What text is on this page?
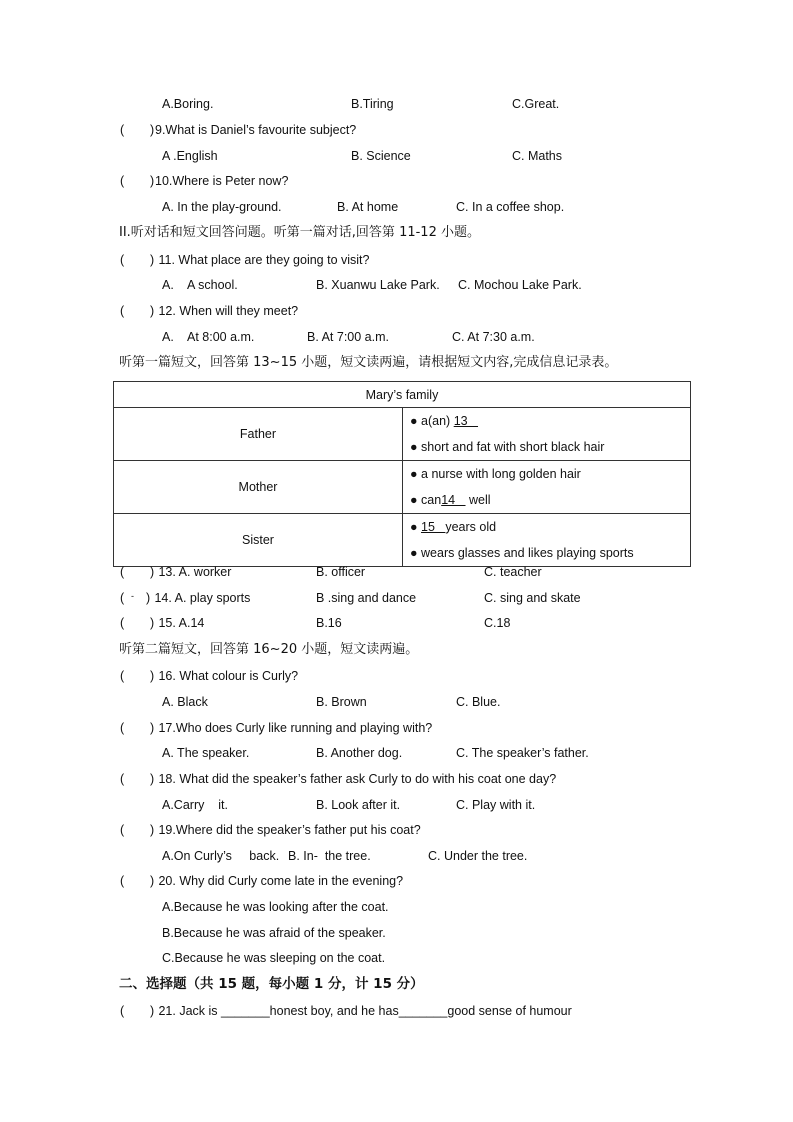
A.Boring.	B.Tiring	C.Great.
( ) 9.What is Daniel’s favourite subject?
A .English	B. Science	C. Maths
( ) 10.Where is Peter now?
A. In the play-ground.	B. At home	C. In a coffee shop.
II.听对话和短文回答问题。听第一篇对话,回答第 11-12 小题。
( ) 11. What place are they going to visit?
A.    A school.	B. Xuanwu Lake Park. C. Mochou Lake Park.
( ) 12. When will they meet?
A.    At 8:00 a.m.	B. At 7:00 a.m.	C. At 7:30 a.m.
听第一篇短文，回答第 13~15 小题，短文读两遍，请根据短文内容,完成信息记录表。
Mary’s family	
Father	● a(an) 13
● short and fat with short black hair

Mother	● a nurse with long golden hair
● can14    well

Sister	● 15   years old
● wears glasses and likes playing sports
( ) 13. A. worker	B. officer	C. teacher
( - ) 14. A. play sports	B .sing and dance	C. sing and skate
( ) 15. A.14	B.16	C.18
听第二篇短文，回答第 16~20 小题，短文读两遍。
( ) 16. What colour is Curly?
A. Black	B. Brown	C. Blue.
( ) 17.Who does Curly like running and playing with?
A. The speaker.	B. Another dog.	C. The speaker’s father.
( ) 18. What did the speaker’s father ask Curly to do with his coat one day?
A.Carry    it.	B. Look after it.	C. Play with it.
( ) 19.Where did the speaker’s father put his coat?
A.On Curly’s     back. B. In-  the tree.	C. Under the tree.
( ) 20. Why did Curly come late in the evening?
A.Because he was looking after the coat.
B.Because he was afraid of the speaker.
C.Because he was sleeping on the coat.
二、选择题（共 15 题，每小题 1 分，计 15 分）
( ) 21. Jack is _______honest boy, and he has_______good sense of humour
